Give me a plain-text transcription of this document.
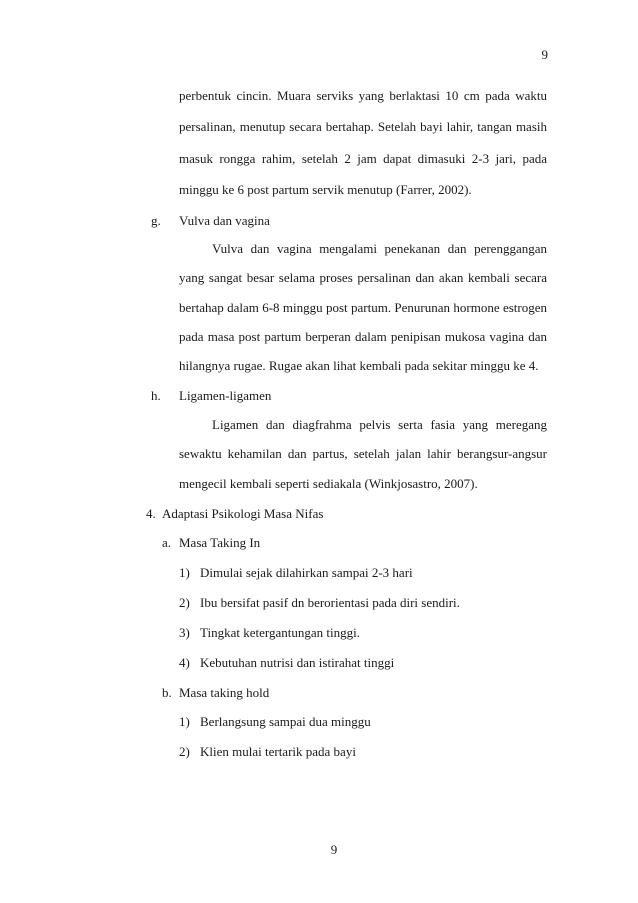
9
perbentuk cincin. Muara serviks yang berlaktasi 10 cm pada waktu
persalinan, menutup secara bertahap. Setelah bayi lahir, tangan masih
masuk rongga rahim, setelah 2 jam dapat dimasuki 2-3 jari, pada
minggu ke 6 post partum servik menutup (Farrer, 2002).
g. Vulva dan vagina
Vulva dan vagina mengalami penekanan dan perenggangan
yang sangat besar selama proses persalinan dan akan kembali secara
bertahap dalam 6-8 minggu post partum. Penurunan hormone estrogen
pada masa post partum berperan dalam penipisan mukosa vagina dan
hilangnya rugae. Rugae akan lihat kembali pada sekitar minggu ke 4.
h. Ligamen-ligamen
Ligamen dan diagfrahma pelvis serta fasia yang meregang
sewaktu kehamilan dan partus, setelah jalan lahir berangsur-angsur
mengecil kembali seperti sediakala (Winkjosastro, 2007).
4. Adaptasi Psikologi Masa Nifas
a. Masa Taking In
1) Dimulai sejak dilahirkan sampai 2-3 hari
2) Ibu bersifat pasif dn berorientasi pada diri sendiri.
3) Tingkat ketergantungan tinggi.
4) Kebutuhan nutrisi dan istirahat tinggi
b. Masa taking hold
1) Berlangsung sampai dua minggu
2) Klien mulai tertarik pada bayi
9
